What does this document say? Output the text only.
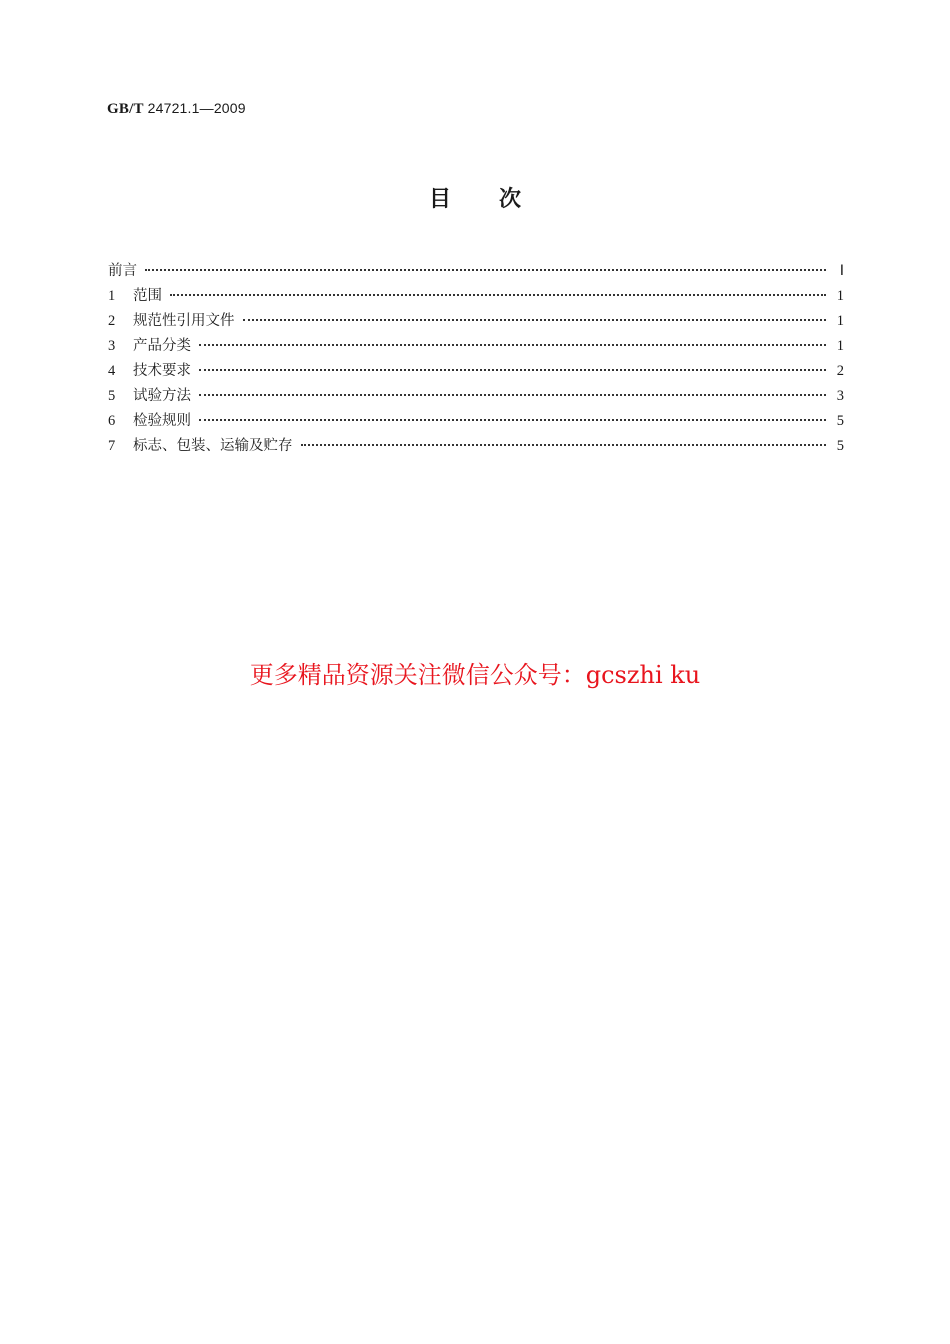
GB/T 24721.1—2009
目 次
前言	Ⅰ
1	范围	1
2	规范性引用文件	1
3	产品分类	1
4	技术要求	2
5	试验方法	3
6	检验规则	5
7	标志、包装、运输及贮存	5
更多精品资源关注微信公众号：gcszhi ku
